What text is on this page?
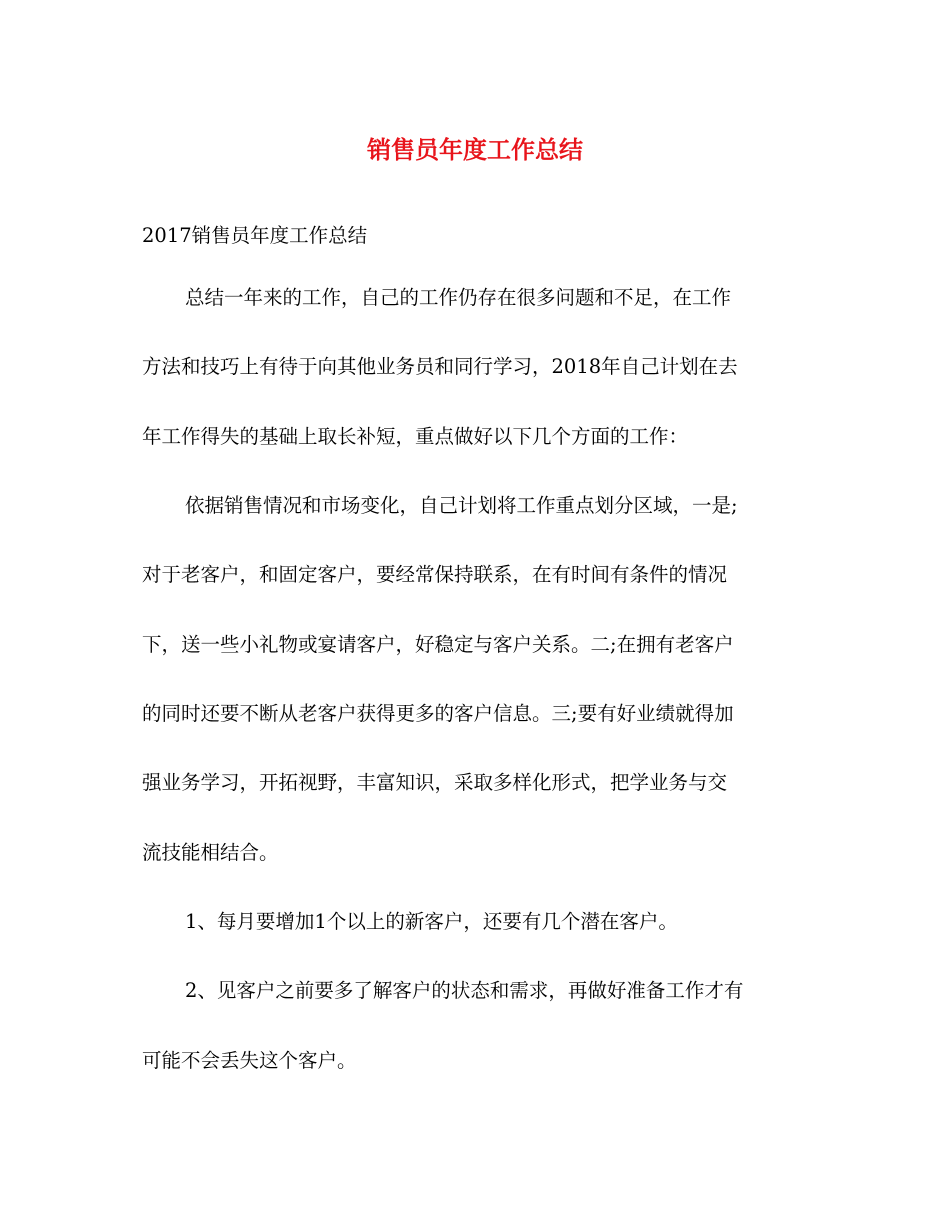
销售员年度工作总结

2017销售员年度工作总结

总结一年来的工作，自己的工作仍存在很多问题和不足，在工作

方法和技巧上有待于向其他业务员和同行学习，2018年自己计划在去

年工作得失的基础上取长补短，重点做好以下几个方面的工作：

依据销售情况和市场变化，自己计划将工作重点划分区域，一是;

对于老客户，和固定客户，要经常保持联系，在有时间有条件的情况

下，送一些小礼物或宴请客户，好稳定与客户关系。二;在拥有老客户

的同时还要不断从老客户获得更多的客户信息。三;要有好业绩就得加

强业务学习，开拓视野，丰富知识，采取多样化形式，把学业务与交

流技能相结合。

1、每月要增加1个以上的新客户，还要有几个潜在客户。

2、见客户之前要多了解客户的状态和需求，再做好准备工作才有

可能不会丢失这个客户。
